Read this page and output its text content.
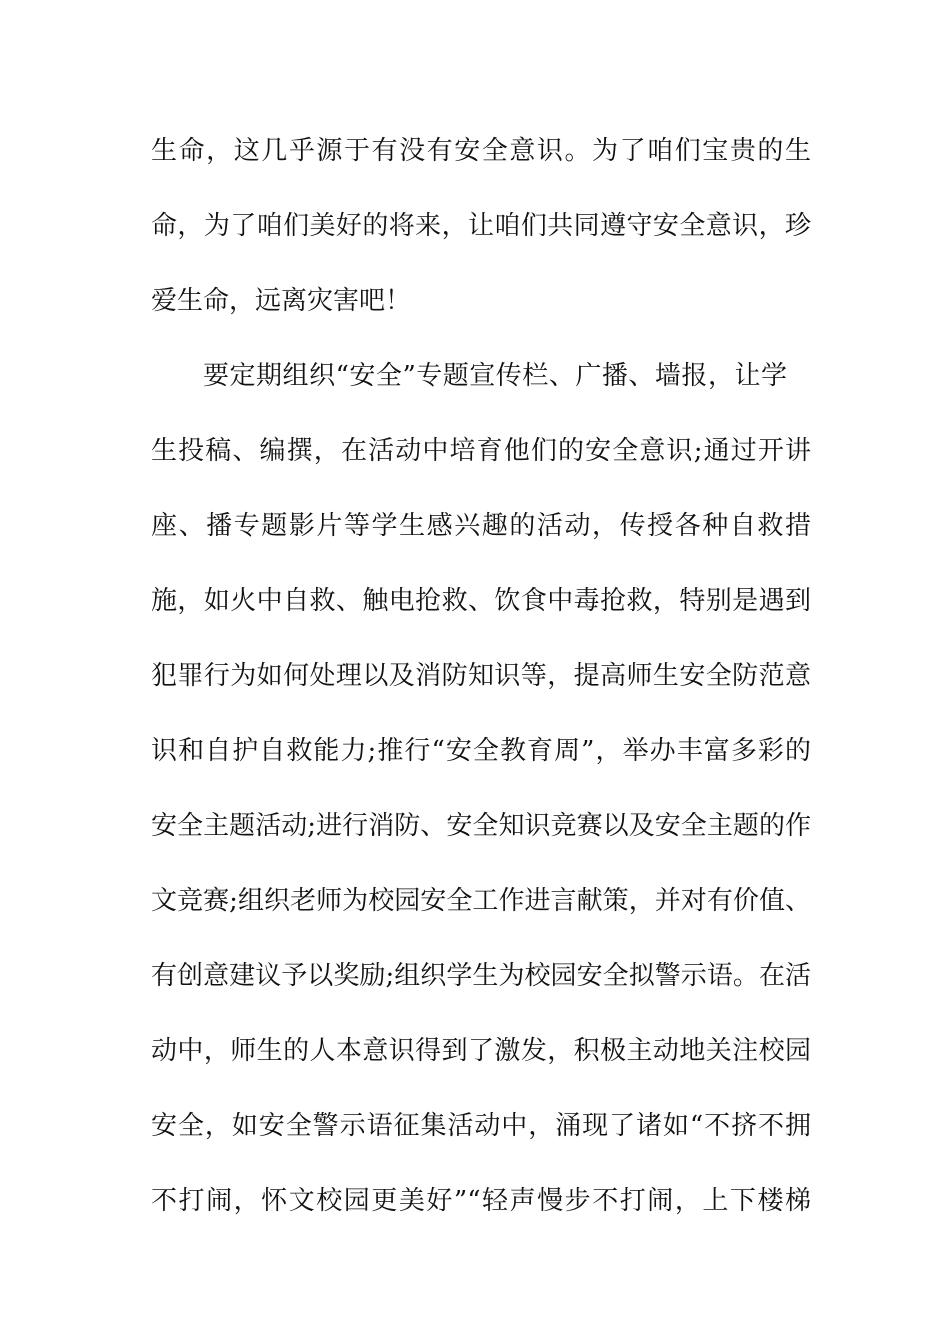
生命，这几乎源于有没有安全意识。为了咱们宝贵的生
命，为了咱们美好的将来，让咱们共同遵守安全意识，珍
爱生命，远离灾害吧！
要定期组织“安全”专题宣传栏、广播、墙报，让学
生投稿、编撰，在活动中培育他们的安全意识;通过开讲
座、播专题影片等学生感兴趣的活动，传授各种自救措
施，如火中自救、触电抢救、饮食中毒抢救，特别是遇到
犯罪行为如何处理以及消防知识等，提高师生安全防范意
识和自护自救能力;推行“安全教育周”，举办丰富多彩的
安全主题活动;进行消防、安全知识竞赛以及安全主题的作
文竞赛;组织老师为校园安全工作进言献策，并对有价值、
有创意建议予以奖励;组织学生为校园安全拟警示语。在活
动中，师生的人本意识得到了激发，积极主动地关注校园
安全，如安全警示语征集活动中，涌现了诸如“不挤不拥
不打闹，怀文校园更美好”“轻声慢步不打闹，上下楼梯
